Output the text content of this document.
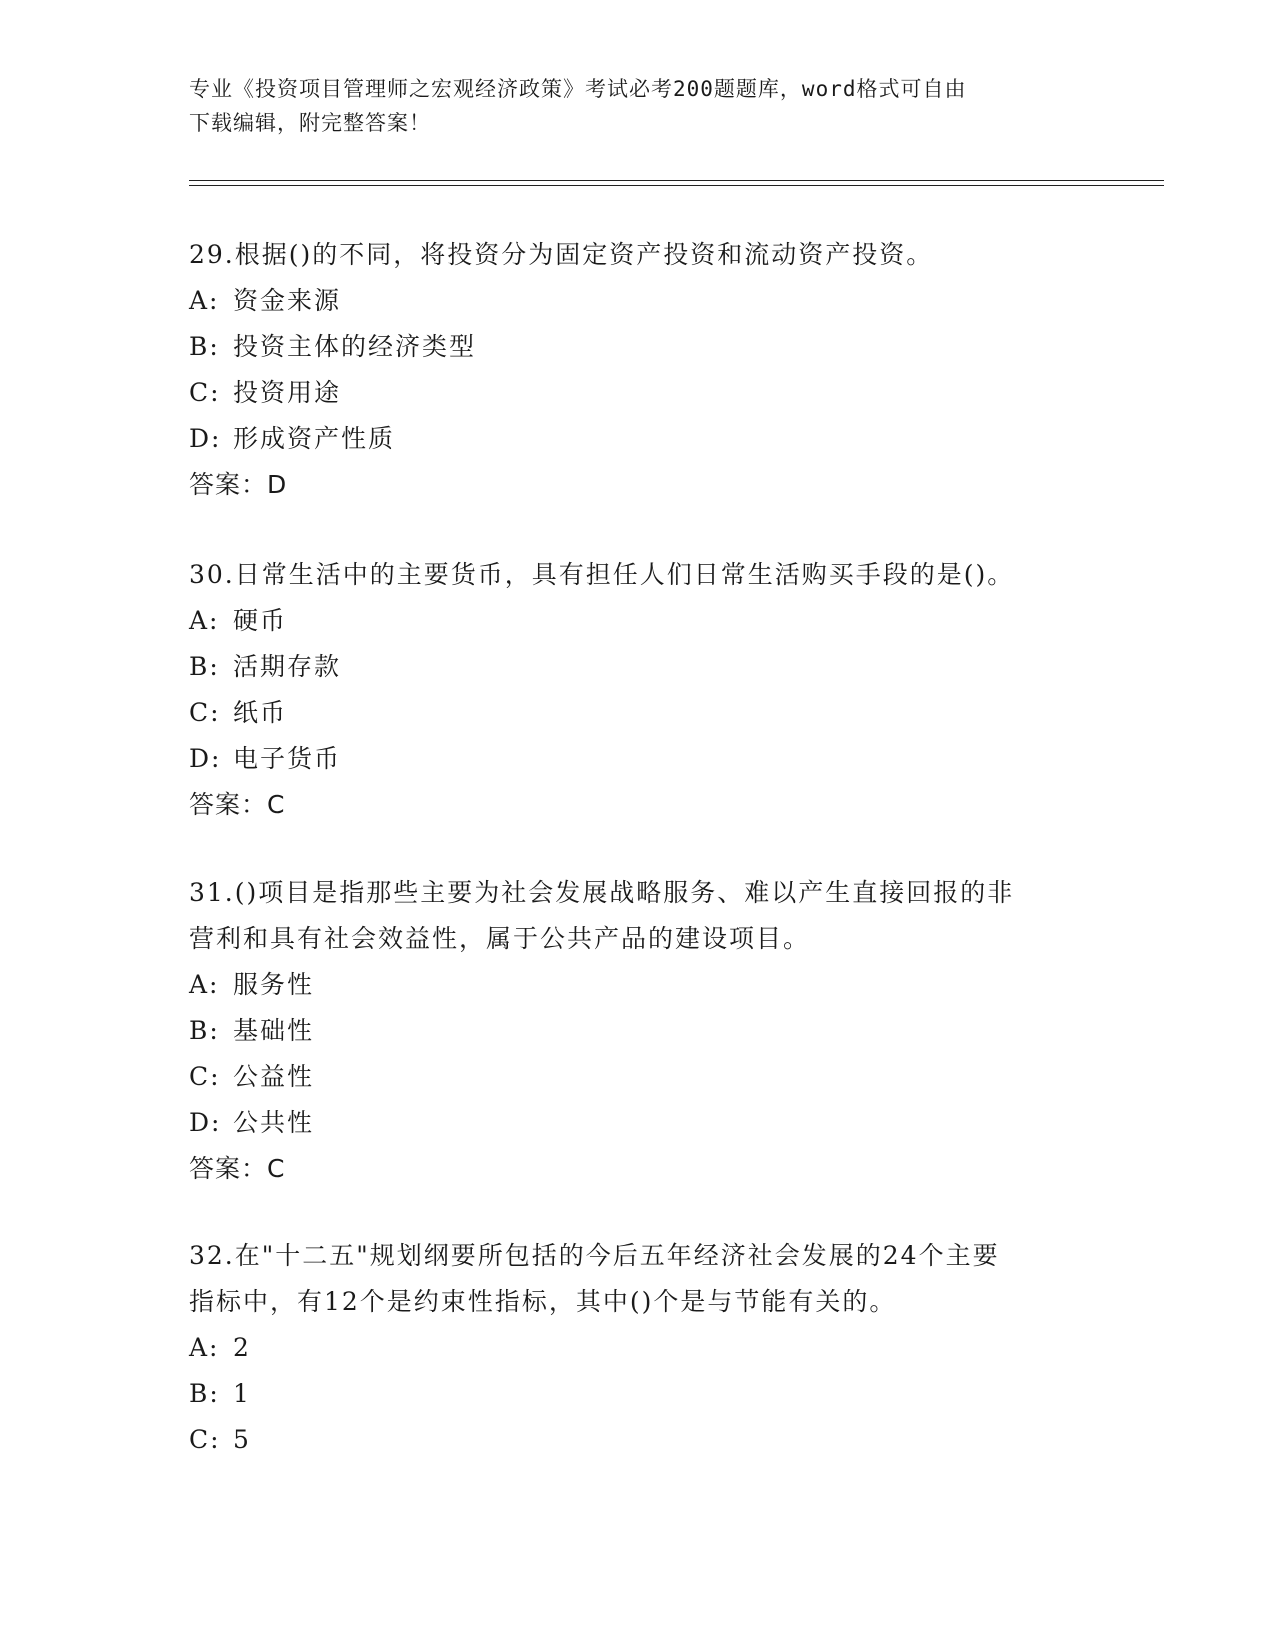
专业《投资项目管理师之宏观经济政策》考试必考200题题库，word格式可自由
下载编辑，附完整答案！

29.根据()的不同，将投资分为固定资产投资和流动资产投资。

A: 资金来源

B: 投资主体的经济类型

C: 投资用途

D: 形成资产性质

答案：D

30.日常生活中的主要货币，具有担任人们日常生活购买手段的是()。

A: 硬币

B: 活期存款

C: 纸币

D: 电子货币

答案：C

31.()项目是指那些主要为社会发展战略服务、难以产生直接回报的非

营利和具有社会效益性，属于公共产品的建设项目。

A: 服务性

B: 基础性

C: 公益性

D: 公共性

答案：C

32.在"十二五"规划纲要所包括的今后五年经济社会发展的24个主要

指标中，有12个是约束性指标，其中()个是与节能有关的。

A: 2

B: 1

C: 5
